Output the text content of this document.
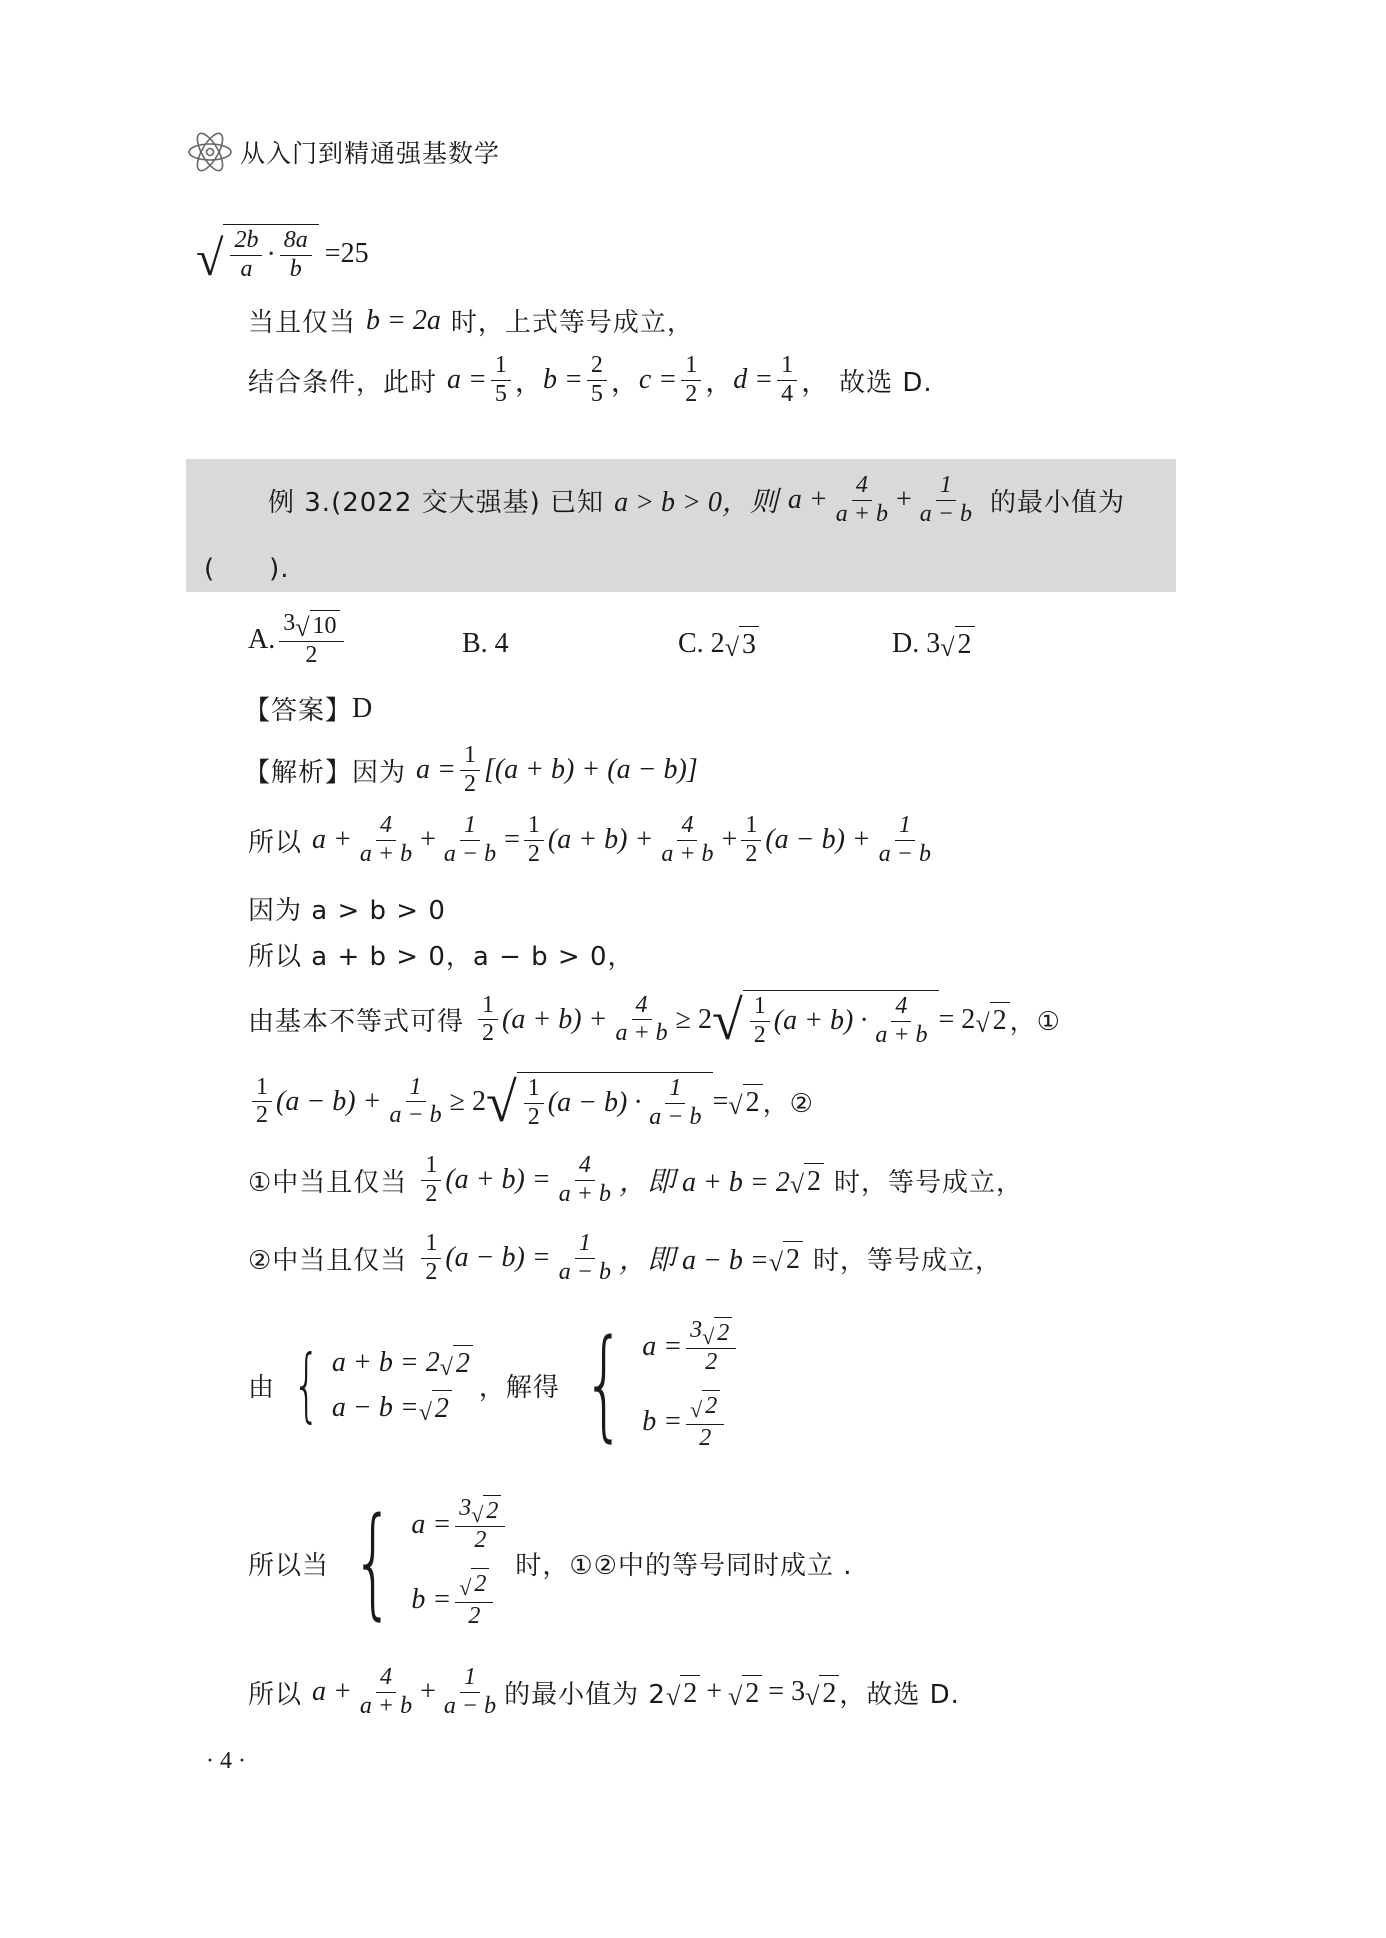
从入门到精通强基数学
√ $\frac{2b}{a} \cdot \frac{8a}{b} =25$
当且仅当 b = 2a 时，上式等号成立，
结合条件，此时 $a = \frac{1}{5}$ ， $b = \frac{2}{5}$ ， $c = \frac{1}{2}$ ， $d = \frac{1}{4}$ ， 故选 D.
例 3.(2022 交大强基) 已知 a > b > 0，则 $a + \frac{4}{a + b} + \frac{1}{a - b}$ 的最小值为
(　　).
A. $\frac{3 √ 10}{2}$	B. 4	C. 2 √ 3	D. 3 √ 2
【答案】 D
【解析】 因为 $a = \frac{1}{2} [(a + b) + (a - b)]$
所以 $a + \frac{4}{a + b} + \frac{1}{a - b} = \frac{1}{2} (a + b) + \frac{4}{a + b} + \frac{1}{2} (a - b) + \frac{1}{a - b}$
因为 a > b > 0
所以 a + b > 0，a − b > 0，
由基本不等式可得 $\frac{1}{2} (a + b) + \frac{4}{a + b} \ge 2$ √ $\frac{1}{2} (a + b) \cdot \frac{4}{a + b} = 2$ √ 2 ，①
$\frac{1}{2} (a - b) + \frac{1}{a - b} \ge 2$ √ $\frac{1}{2} (a - b) \cdot \frac{1}{a - b}$ = √ 2 ，②
①中当且仅当 $\frac{1}{2} (a + b) = \frac{4}{a + b}$ ，即 a + b = 2 √ 2 时，等号成立，
②中当且仅当 $\frac{1}{2} (a - b) = \frac{1}{a - b}$ ，即 a − b = √ 2 时，等号成立，
由 { a + b = 2 √ 2
a − b = √ 2
，解得 { $a = \frac{3 √ 2}{2}$
$b = \frac{√ 2}{2}$
所以当 { $a = \frac{3 √ 2}{2}$
$b = \frac{√ 2}{2}$
时，①②中的等号同时成立 .
所以 $a + \frac{4}{a + b} + \frac{1}{a - b}$ 的最小值为 2 √ 2 + √ 2 = 3 √ 2 ，故选 D.
· 4 ·
